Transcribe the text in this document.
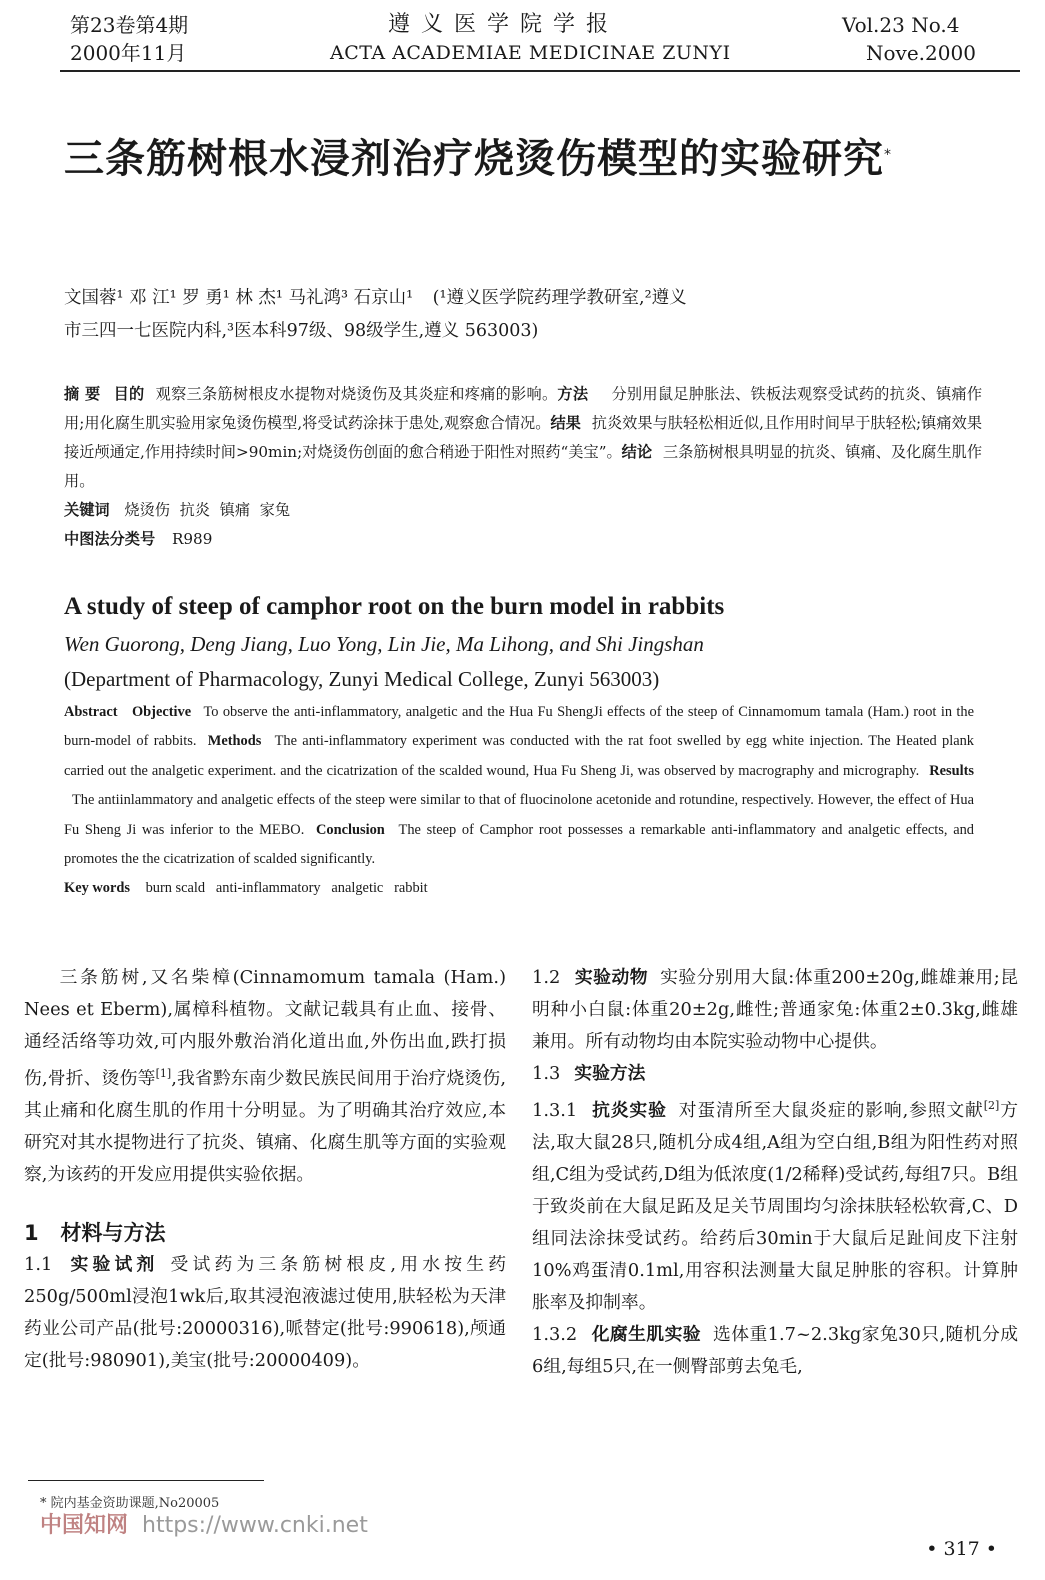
第23卷第4期
2000年11月
遵 义 医 学 院 学 报
ACTA ACADEMIAE MEDICINAE ZUNYI
Vol.23 No.4
Nove.2000
三条筋树根水浸剂治疗烧烫伤模型的实验研究*
文国蓉¹ 邓 江¹ 罗 勇¹ 林 杰¹ 马礼鸿³ 石京山¹ (¹遵义医学院药理学教研室,²遵义
市三四一七医院内科,³医本科97级、98级学生,遵义 563003)
摘 要 目的 观察三条筋树根皮水提物对烧烫伤及其炎症和疼痛的影响。方法 分别用鼠足肿胀法、铁板法观察受试药的抗炎、镇痛作用;用化腐生肌实验用家兔烫伤模型,将受试药涂抹于患处,观察愈合情况。结果 抗炎效果与肤轻松相近似,且作用时间早于肤轻松;镇痛效果接近颅通定,作用持续时间>90min;对烧烫伤创面的愈合稍逊于阳性对照药“美宝”。结论 三条筋树根具明显的抗炎、镇痛、及化腐生肌作用。
关键词 烧烫伤  抗炎  镇痛  家兔
中图法分类号 R989
A study of steep of camphor root on the burn model in rabbits
Wen Guorong, Deng Jiang, Luo Yong, Lin Jie, Ma Lihong, and Shi Jingshan
(Department of Pharmacology, Zunyi Medical College, Zunyi 563003)
Abstract Objective To observe the anti-inflammatory, analgetic and the Hua Fu ShengJi effects of the steep of Cinnamomum tamala (Ham.) root in the burn-model of rabbits. Methods The anti-inflammatory experiment was conducted with the rat foot swelled by egg white injection. The Heated plank carried out the analgetic experiment. and the cicatrization of the scalded wound, Hua Fu Sheng Ji, was observed by macrography and micrography. Results The antiinlammatory and analgetic effects of the steep were similar to that of fluocinolone acetonide and rotundine, respectively. However, the effect of Hua Fu Sheng Ji was inferior to the MEBO. Conclusion The steep of Camphor root possesses a remarkable anti-inflammatory and analgetic effects, and promotes the the cicatrization of scalded significantly.
Key words burn scald   anti-inflammatory   analgetic   rabbit

三条筋树,又名柴樟(Cinnamomum tamala (Ham.) Nees et Eberm),属樟科植物。文献记载具有止血、接骨、通经活络等功效,可内服外敷治消化道出血,外伤出血,跌打损伤,骨折、烫伤等[1],我省黔东南少数民族民间用于治疗烧烫伤,其止痛和化腐生肌的作用十分明显。为了明确其治疗效应,本研究对其水提物进行了抗炎、镇痛、化腐生肌等方面的实验观察,为该药的开发应用提供实验依据。

1   材料与方法

1.1 实验试剂 受试药为三条筋树根皮,用水按生药250g/500ml浸泡1wk后,取其浸泡液滤过使用,肤轻松为天津药业公司产品(批号:20000316),哌替定(批号:990618),颅通定(批号:980901),美宝(批号:20000409)。

* 院内基金资助课题,No20005

1.2 实验动物 实验分别用大鼠:体重200±20g,雌雄兼用;昆明种小白鼠:体重20±2g,雌性;普通家兔:体重2±0.3kg,雌雄兼用。所有动物均由本院实验动物中心提供。

1.3 实验方法

1.3.1 抗炎实验 对蛋清所至大鼠炎症的影响,参照文献[2]方法,取大鼠28只,随机分成4组,A组为空白组,B组为阳性药对照组,C组为受试药,D组为低浓度(1/2稀释)受试药,每组7只。B组于致炎前在大鼠足跖及足关节周围均匀涂抹肤轻松软膏,C、D组同法涂抹受试药。给药后30min于大鼠后足趾间皮下注射10%鸡蛋清0.1ml,用容积法测量大鼠足肿胀的容积。计算肿胀率及抑制率。

1.3.2 化腐生肌实验 选体重1.7~2.3kg家兔30只,随机分成6组,每组5只,在一侧臀部剪去兔毛,

中国知网 https://www.cnki.net
• 317 •
